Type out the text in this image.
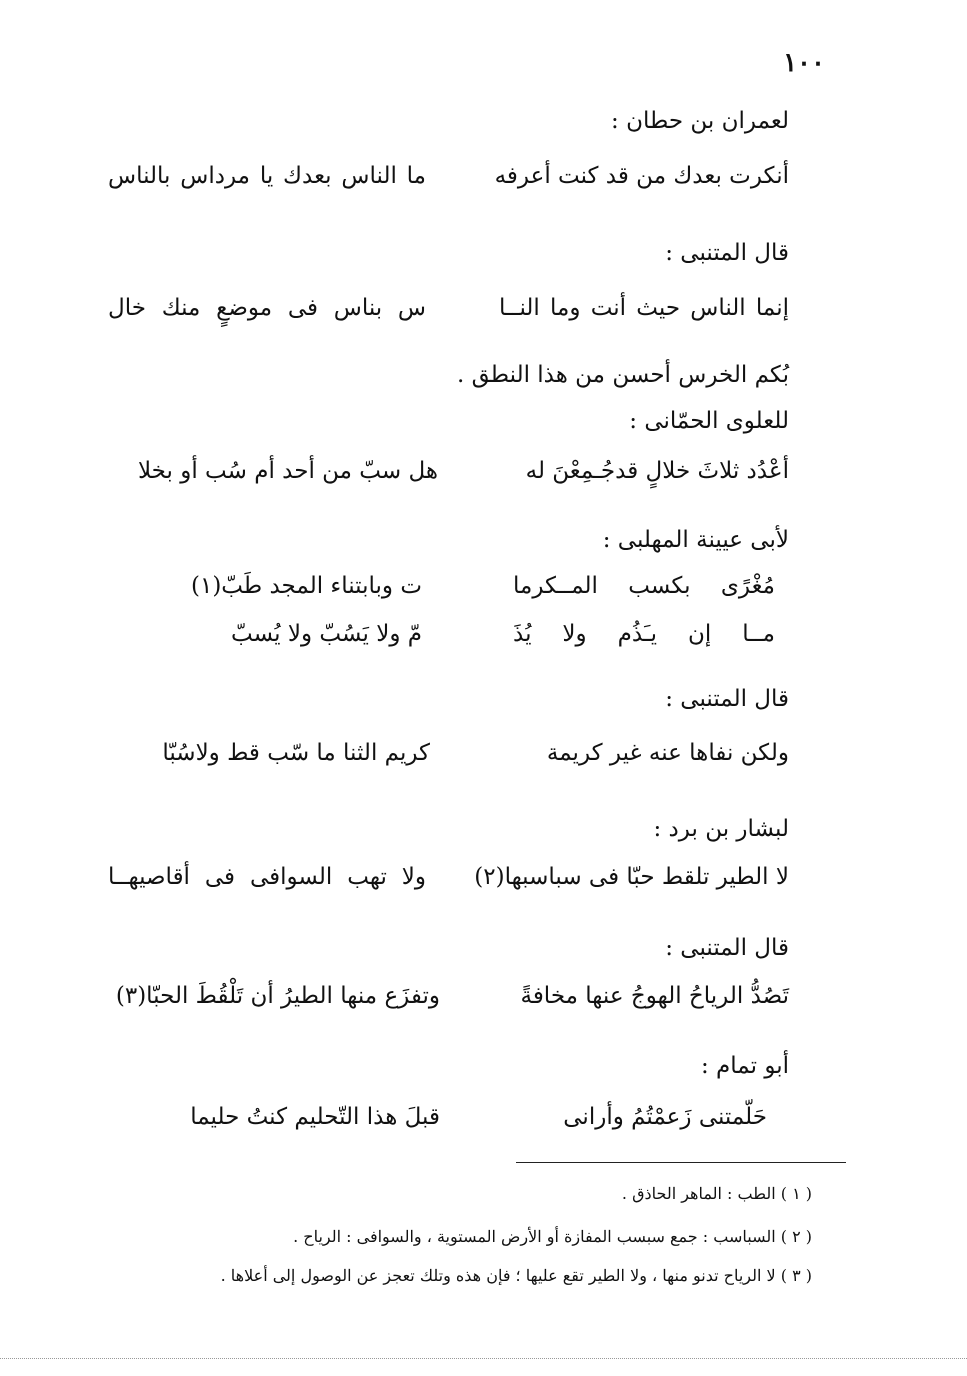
١٠٠
لعمران بن حطان :
أنكرت بعدك من قد كنت أعرفه
ما الناس بعدك يا مرداس بالناس
قال المتنبى :
إنما الناس حيث أنت وما النــا
س بناس فى موضعٍ منك خال
بُكم الخرس أحسن من هذا النطق .
للعلوى الحمّانى :
أعْدُد ثلاثَ خلالٍ قدجُـمِعْنَ له
هل سبّ من أحد أم سُب أو بخلا
لأبى عيينة المهلبى :
مُغْرًى بكسب المــكرما
ت وبابتناء المجد طَبّ(١)
مــا إن يـَذُم ولا يُذَ
مّ ولا يَسُبّ ولا يُسبّ
قال المتنبى :
ولكن نفاها عنه غير كريمة
كريم الثنا ما سّب قط ولاسُبّا
لبشار بن برد :
لا الطير تلقط حبّا فى سباسبها(٢)
ولا تهب السوافى فى أقاصيهــا
قال المتنبى :
تَصُدُّ الرياحُ الهوجُ عنها مخافةً
وتفزَع منها الطيرُ أن تَلْقُطَ الحبّا(٣)
أبو تمام :
حَلّمتنى زَعمْتُمُ وأرانى
قبلَ هذا التّحليم كنتُ حليما
( ١ ) الطب : الماهر الحاذق .
( ٢ ) السباسب : جمع سبسب المفازة أو الأرض المستوية ، والسوافى : الرياح .
( ٣ ) لا الرياح تدنو منها ، ولا الطير تقع عليها ؛ فإن هذه وتلك تعجز عن الوصول إلى أعلاها .
